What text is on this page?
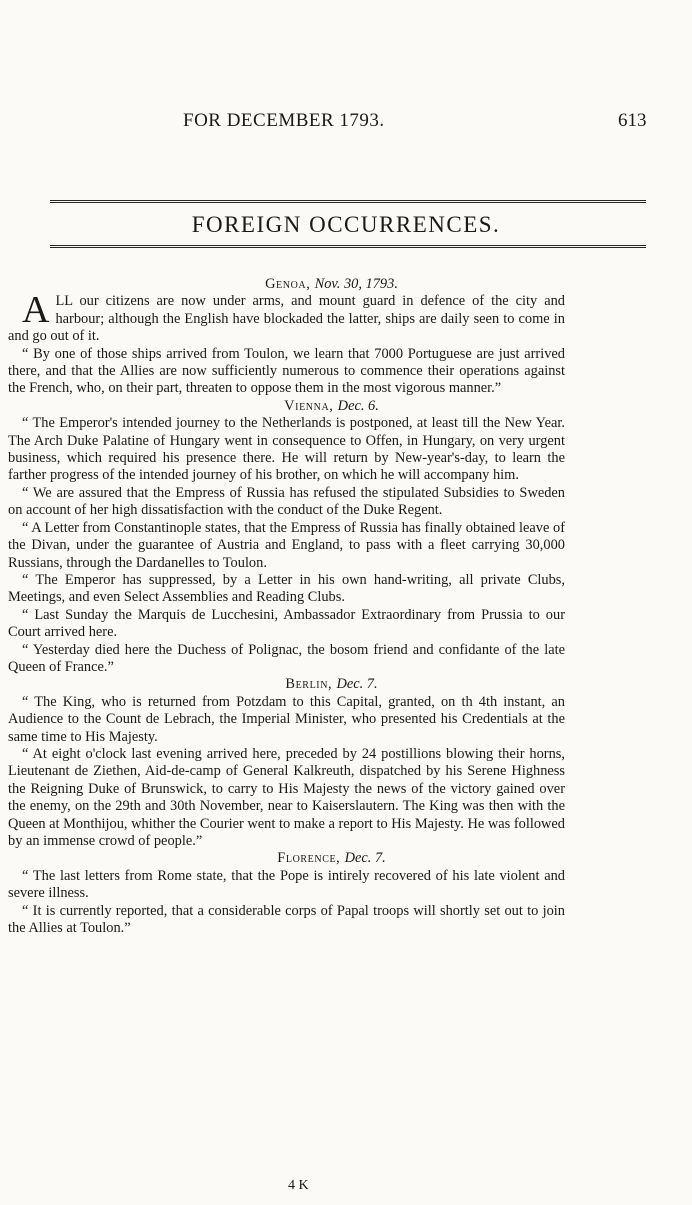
FOR DECEMBER 1793.	613
FOREIGN OCCURRENCES.

Genoa, Nov. 30, 1793.

ALL our citizens are now under arms, and mount guard in defence of the city and harbour; although the English have blockaded the latter, ships are daily seen to come in and go out of it.

“ By one of those ships arrived from Toulon, we learn that 7000 Portuguese are just arrived there, and that the Allies are now sufficiently numerous to commence their operations against the French, who, on their part, threaten to oppose them in the most vigorous manner.”

Vienna, Dec. 6.

“ The Emperor's intended journey to the Netherlands is postponed, at least till the New Year. The Arch Duke Palatine of Hungary went in consequence to Offen, in Hungary, on very urgent business, which required his presence there. He will return by New-year's-day, to learn the farther progress of the intended journey of his brother, on which he will accompany him.

“ We are assured that the Empress of Russia has refused the stipulated Subsidies to Sweden on account of her high dissatisfaction with the conduct of the Duke Regent.

“ A Letter from Constantinople states, that the Empress of Russia has finally obtained leave of the Divan, under the guarantee of Austria and England, to pass with a fleet carrying 30,000 Russians, through the Dardanelles to Toulon.

“ The Emperor has suppressed, by a Letter in his own hand-writing, all private Clubs, Meetings, and even Select Assemblies and Reading Clubs.

“ Last Sunday the Marquis de Lucchesini, Ambassador Extraordinary from Prussia to our Court arrived here.

“ Yesterday died here the Duchess of Polignac, the bosom friend and confidante of the late Queen of France.”

Berlin, Dec. 7.

“ The King, who is returned from Potzdam to this Capital, granted, on th 4th instant, an Audience to the Count de Lebrach, the Imperial Minister, who presented his Credentials at the same time to His Majesty.

“ At eight o'clock last evening arrived here, preceded by 24 postillions blowing their horns, Lieutenant de Ziethen, Aid-de-camp of General Kalkreuth, dispatched by his Serene Highness the Reigning Duke of Brunswick, to carry to His Majesty the news of the victory gained over the enemy, on the 29th and 30th November, near to Kaiserslautern. The King was then with the Queen at Monthijou, whither the Courier went to make a report to His Majesty. He was followed by an immense crowd of people.”

Florence, Dec. 7.

“ The last letters from Rome state, that the Pope is intirely recovered of his late violent and severe illness.

“ It is currently reported, that a considerable corps of Papal troops will shortly set out to join the Allies at Toulon.”

4 K
